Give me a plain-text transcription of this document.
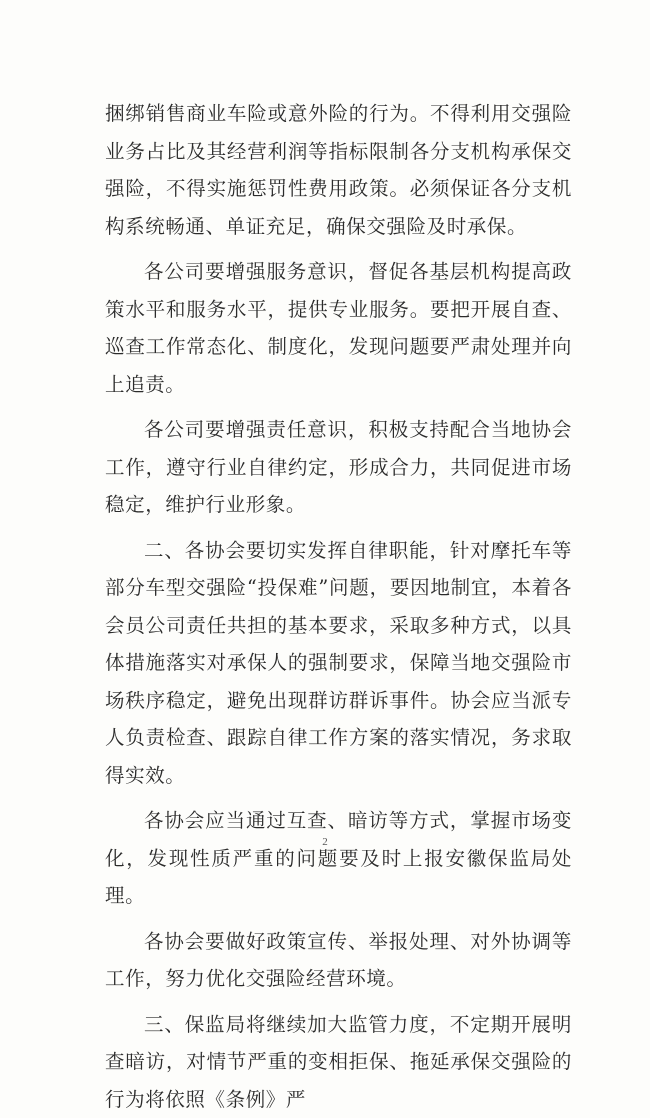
捆绑销售商业车险或意外险的行为。不得利用交强险业务占比及其经营利润等指标限制各分支机构承保交强险，不得实施惩罚性费用政策。必须保证各分支机构系统畅通、单证充足，确保交强险及时承保。

各公司要增强服务意识，督促各基层机构提高政策水平和服务水平，提供专业服务。要把开展自查、巡查工作常态化、制度化，发现问题要严肃处理并向上追责。

各公司要增强责任意识，积极支持配合当地协会工作，遵守行业自律约定，形成合力，共同促进市场稳定，维护行业形象。

二、各协会要切实发挥自律职能，针对摩托车等部分车型交强险“投保难”问题，要因地制宜，本着各会员公司责任共担的基本要求，采取多种方式，以具体措施落实对承保人的强制要求，保障当地交强险市场秩序稳定，避免出现群访群诉事件。协会应当派专人负责检查、跟踪自律工作方案的落实情况，务求取得实效。

各协会应当通过互查、暗访等方式，掌握市场变化，发现性质严重的问题要及时上报安徽保监局处理。

各协会要做好政策宣传、举报处理、对外协调等工作，努力优化交强险经营环境。

三、保监局将继续加大监管力度，不定期开展明查暗访，对情节严重的变相拒保、拖延承保交强险的行为将依照《条例》严

2
